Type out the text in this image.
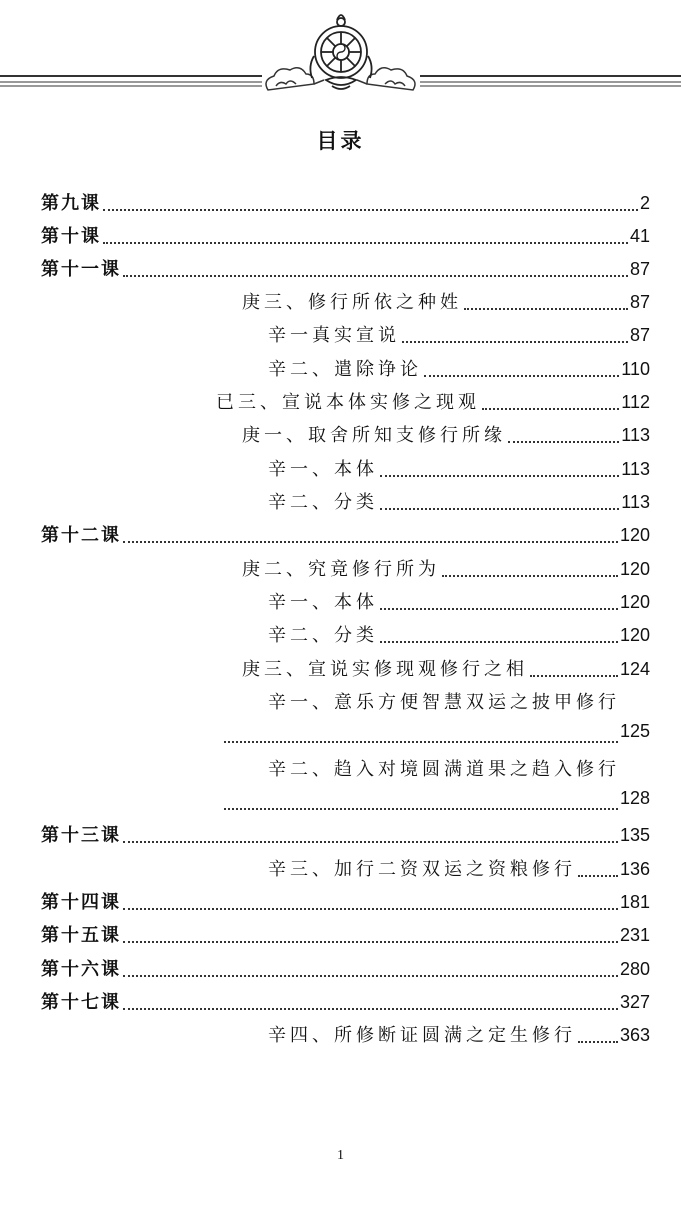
目录
第九课	2
第十课	41
第十一课	87
庚三、修行所依之种姓	87
辛一真实宣说	87
辛二、遣除诤论	110
已三、宣说本体实修之现观	112
庚一、取舍所知支修行所缘	113
辛一、本体	113
辛二、分类	113
第十二课	120
庚二、究竟修行所为	120
辛一、本体	120
辛二、分类	120
庚三、宣说实修现观修行之相	124
辛一、意乐方便智慧双运之披甲修行
125
辛二、趋入对境圆满道果之趋入修行
128
第十三课	135
辛三、加行二资双运之资粮修行 136
第十四课	181
第十五课	231
第十六课	280
第十七课	327
辛四、所修断证圆满之定生修行 363
1
